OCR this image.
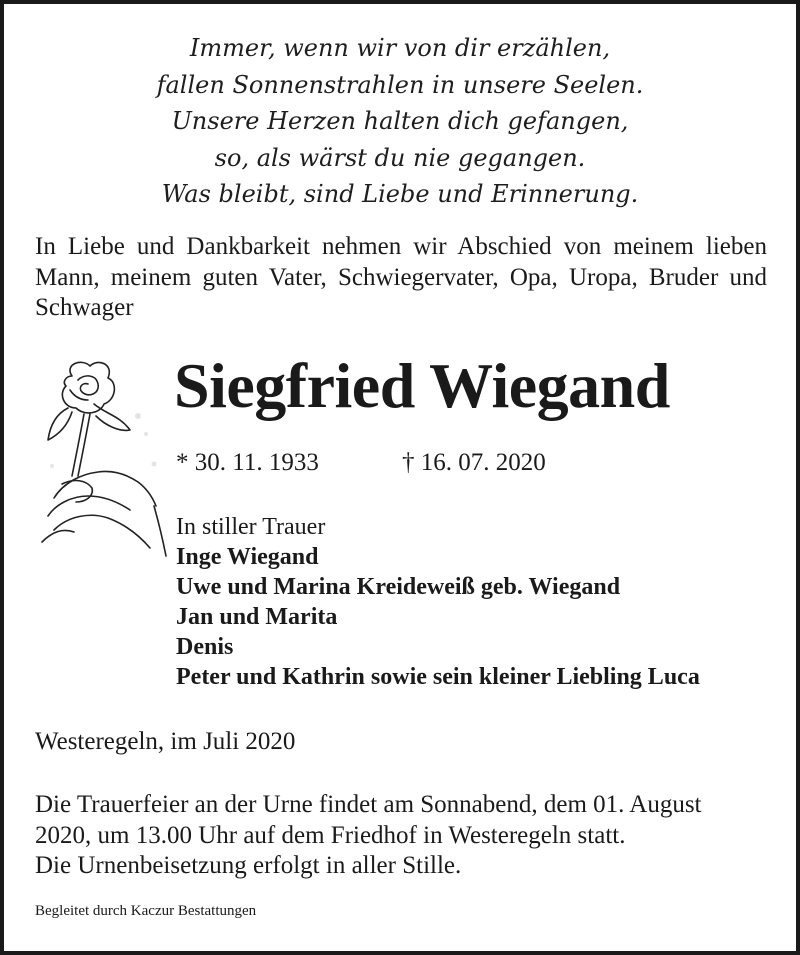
Immer, wenn wir von dir erzählen,
fallen Sonnenstrahlen in unsere Seelen.
Unsere Herzen halten dich gefangen,
so, als wärst du nie gegangen.
Was bleibt, sind Liebe und Erinnerung.
In Liebe und Dankbarkeit nehmen wir Abschied von meinem lieben Mann, meinem guten Vater, Schwiegervater, Opa, Uropa, Bruder und Schwager
Siegfried Wiegand
* 30. 11. 1933	† 16. 07. 2020
In stiller Trauer
Inge Wiegand
Uwe und Marina Kreideweiß geb. Wiegand
Jan und Marita
Denis
Peter und Kathrin sowie sein kleiner Liebling Luca
Westeregeln, im Juli 2020
Die Trauerfeier an der Urne findet am Sonnabend, dem 01. August
2020, um 13.00 Uhr auf dem Friedhof in Westeregeln statt.
Die Urnenbeisetzung erfolgt in aller Stille.
Begleitet durch Kaczur Bestattungen
